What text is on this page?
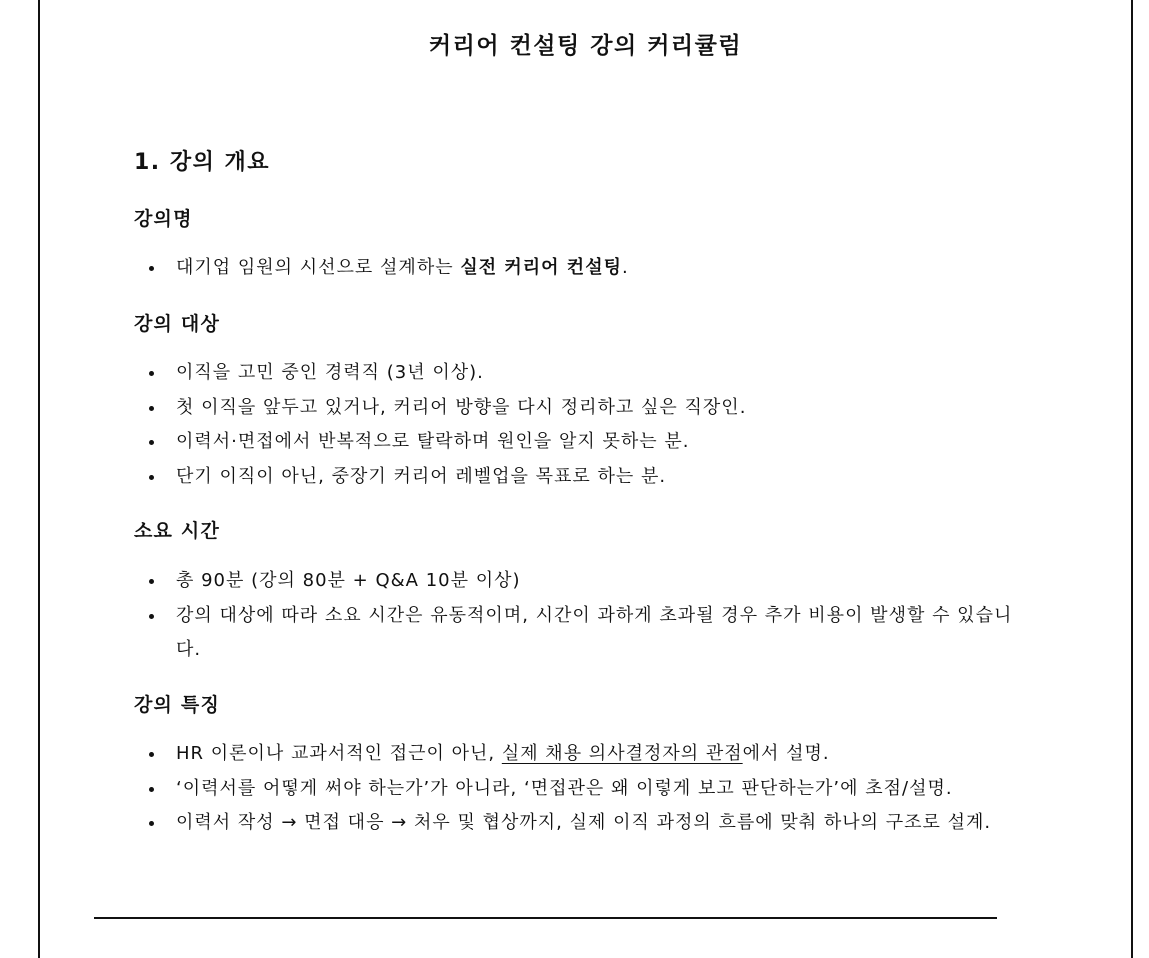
커리어 컨설팅 강의 커리큘럼
1. 강의 개요
강의명
대기업 임원의 시선으로 설계하는 실전 커리어 컨설팅.
강의 대상
이직을 고민 중인 경력직 (3년 이상).
첫 이직을 앞두고 있거나, 커리어 방향을 다시 정리하고 싶은 직장인.
이력서·면접에서 반복적으로 탈락하며 원인을 알지 못하는 분.
단기 이직이 아닌, 중장기 커리어 레벨업을 목표로 하는 분.
소요 시간
총 90분 (강의 80분 + Q&A 10분 이상)
강의 대상에 따라 소요 시간은 유동적이며, 시간이 과하게 초과될 경우 추가 비용이 발생할 수 있습니다.
강의 특징
HR 이론이나 교과서적인 접근이 아닌, 실제 채용 의사결정자의 관점에서 설명.
‘이력서를 어떻게 써야 하는가’가 아니라, ‘면접관은 왜 이렇게 보고 판단하는가’에 초점/설명.
이력서 작성 → 면접 대응 → 처우 및 협상까지, 실제 이직 과정의 흐름에 맞춰 하나의 구조로 설계.
